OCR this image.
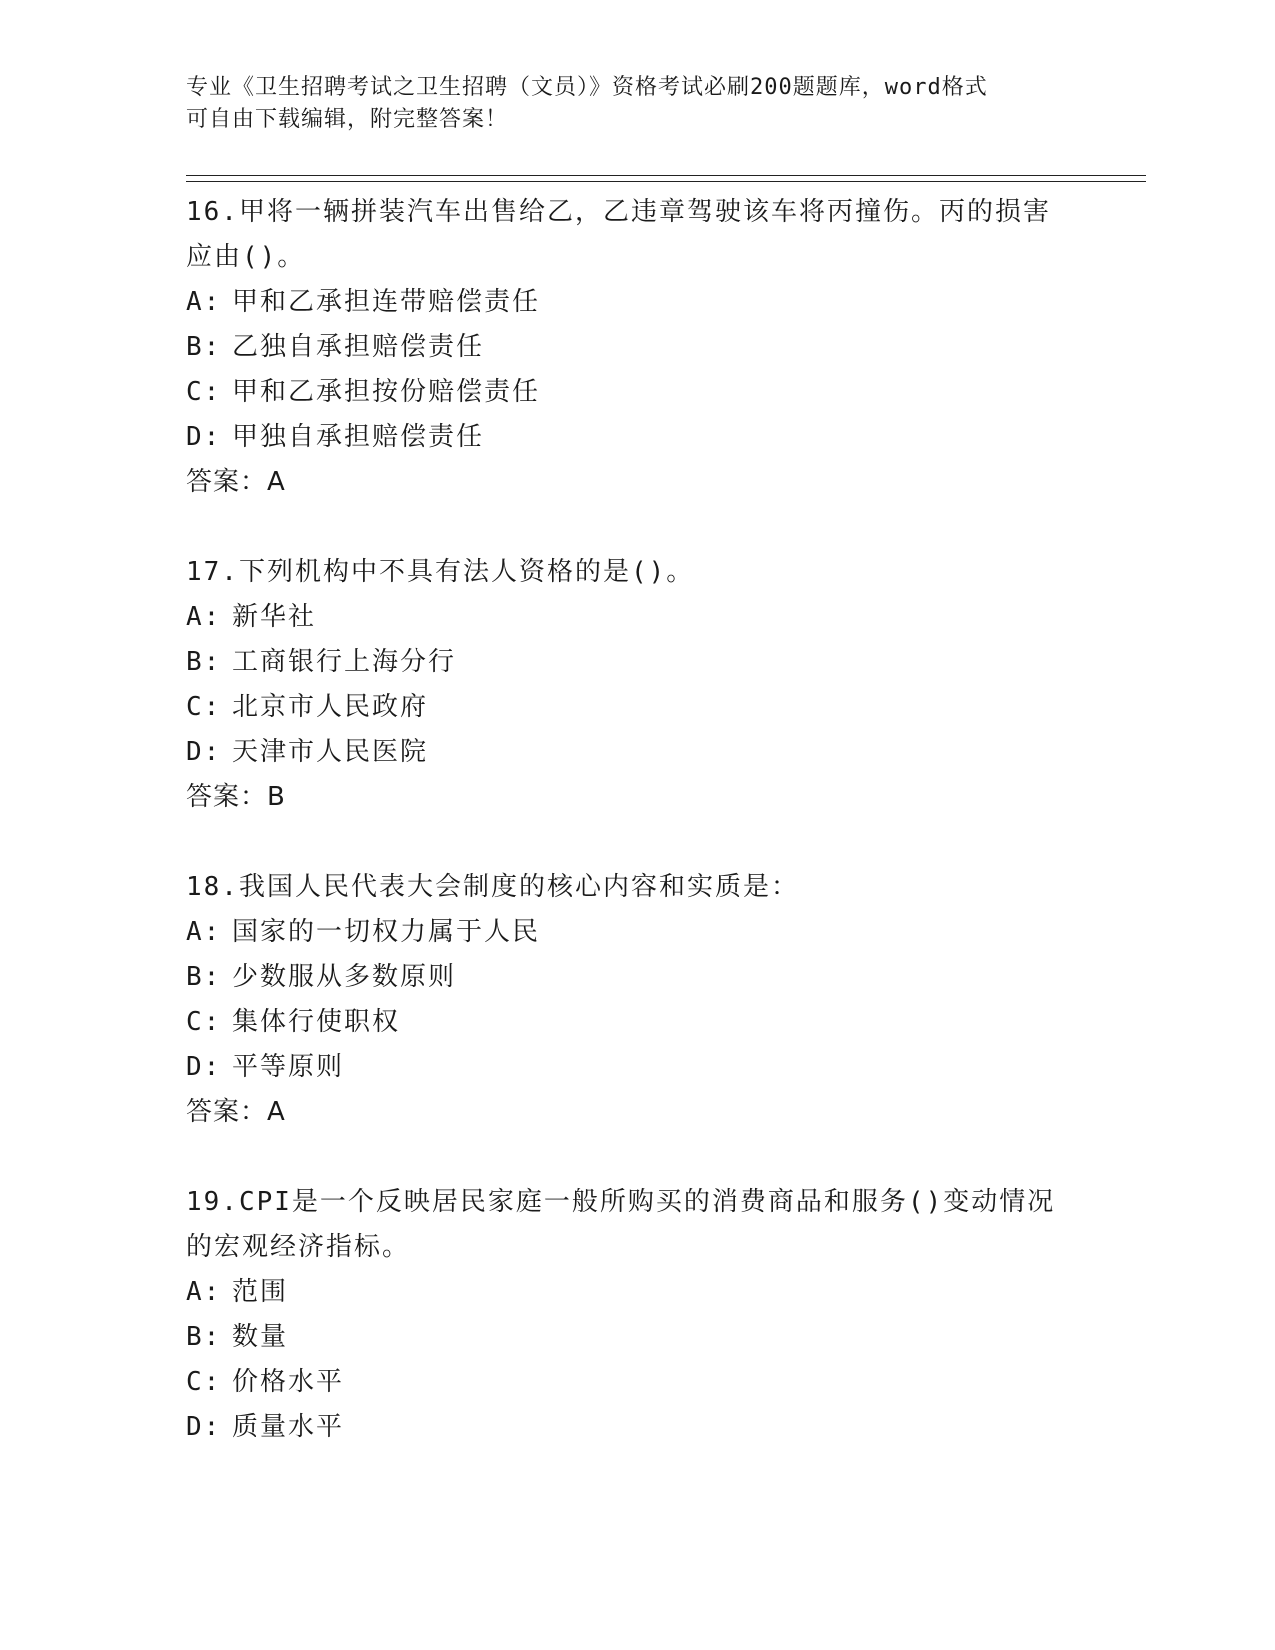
专业《卫生招聘考试之卫生招聘（文员）》资格考试必刷200题题库，word格式
可自由下载编辑，附完整答案！
16.甲将一辆拼装汽车出售给乙，乙违章驾驶该车将丙撞伤。丙的损害
应由()。
A: 甲和乙承担连带赔偿责任
B: 乙独自承担赔偿责任
C: 甲和乙承担按份赔偿责任
D: 甲独自承担赔偿责任
答案：A
17.下列机构中不具有法人资格的是()。
A: 新华社
B: 工商银行上海分行
C: 北京市人民政府
D: 天津市人民医院
答案：B
18.我国人民代表大会制度的核心内容和实质是：
A: 国家的一切权力属于人民
B: 少数服从多数原则
C: 集体行使职权
D: 平等原则
答案：A
19.CPI是一个反映居民家庭一般所购买的消费商品和服务()变动情况
的宏观经济指标。
A: 范围
B: 数量
C: 价格水平
D: 质量水平
